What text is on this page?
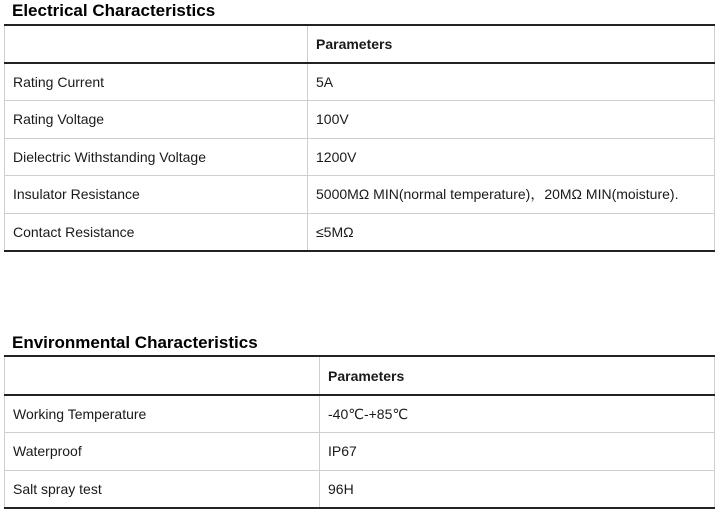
Electrical Characteristics
	Parameters
Rating Current	5A
Rating Voltage	100V
Dielectric Withstanding Voltage	1200V
Insulator Resistance	5000MΩ MIN(normal temperature)，20MΩ MIN(moisture).
Contact Resistance	≤5MΩ
Environmental Characteristics
	Parameters
Working Temperature	-40℃-+85℃
Waterproof	IP67
Salt spray test	96H
